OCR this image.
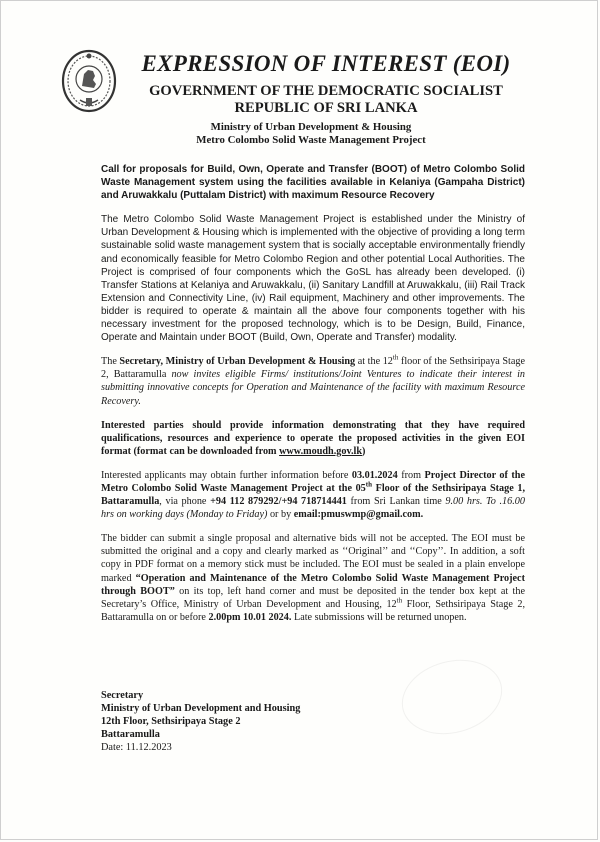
EXPRESSION OF INTEREST (EOI)
GOVERNMENT OF THE DEMOCRATIC SOCIALIST
REPUBLIC OF SRI LANKA
Ministry of Urban Development & Housing
Metro Colombo Solid Waste Management Project

Call for proposals for Build, Own, Operate and Transfer (BOOT) of Metro Colombo Solid Waste Management system using the facilities available in Kelaniya (Gampaha District) and Aruwakkalu (Puttalam District) with maximum Resource Recovery

The Metro Colombo Solid Waste Management Project is established under the Ministry of Urban Development & Housing which is implemented with the objective of providing a long term sustainable solid waste management system that is socially acceptable environmentally friendly and economically feasible for Metro Colombo Region and other potential Local Authorities. The Project is comprised of four components which the GoSL has already been developed. (i) Transfer Stations at Kelaniya and Aruwakkalu, (ii) Sanitary Landfill at Aruwakkalu, (iii) Rail Track Extension and Connectivity Line, (iv) Rail equipment, Machinery and other improvements. The bidder is required to operate & maintain all the above four components together with his necessary investment for the proposed technology, which is to be Design, Build, Finance, Operate and Maintain under BOOT (Build, Own, Operate and Transfer) modality.

The Secretary, Ministry of Urban Development & Housing at the 12th floor of the Sethsiripaya Stage 2, Battaramulla now invites eligible Firms/ institutions/Joint Ventures to indicate their interest in submitting innovative concepts for Operation and Maintenance of the facility with maximum Resource Recovery.

Interested parties should provide information demonstrating that they have required qualifications, resources and experience to operate the proposed activities in the given EOI format (format can be downloaded from www.moudh.gov.lk)

Interested applicants may obtain further information before 03.01.2024 from Project Director of the Metro Colombo Solid Waste Management Project at the 05th Floor of the Sethsiripaya Stage 1, Battaramulla, via phone +94 112 879292/+94 718714441 from Sri Lankan time 9.00 hrs. To .16.00 hrs on working days (Monday to Friday) or by email:pmuswmp@gmail.com.

The bidder can submit a single proposal and alternative bids will not be accepted. The EOI must be submitted the original and a copy and clearly marked as ‘‘Original’’ and ‘‘Copy’’. In addition, a soft copy in PDF format on a memory stick must be included. The EOI must be sealed in a plain envelope marked “Operation and Maintenance of the Metro Colombo Solid Waste Management Project through BOOT” on its top, left hand corner and must be deposited in the tender box kept at the Secretary’s Office, Ministry of Urban Development and Housing, 12th Floor, Sethsiripaya Stage 2, Battaramulla on or before 2.00pm 10.01 2024. Late submissions will be returned unopen.

Secretary
Ministry of Urban Development and Housing
12th Floor, Sethsiripaya Stage 2
Battaramulla
Date: 11.12.2023
